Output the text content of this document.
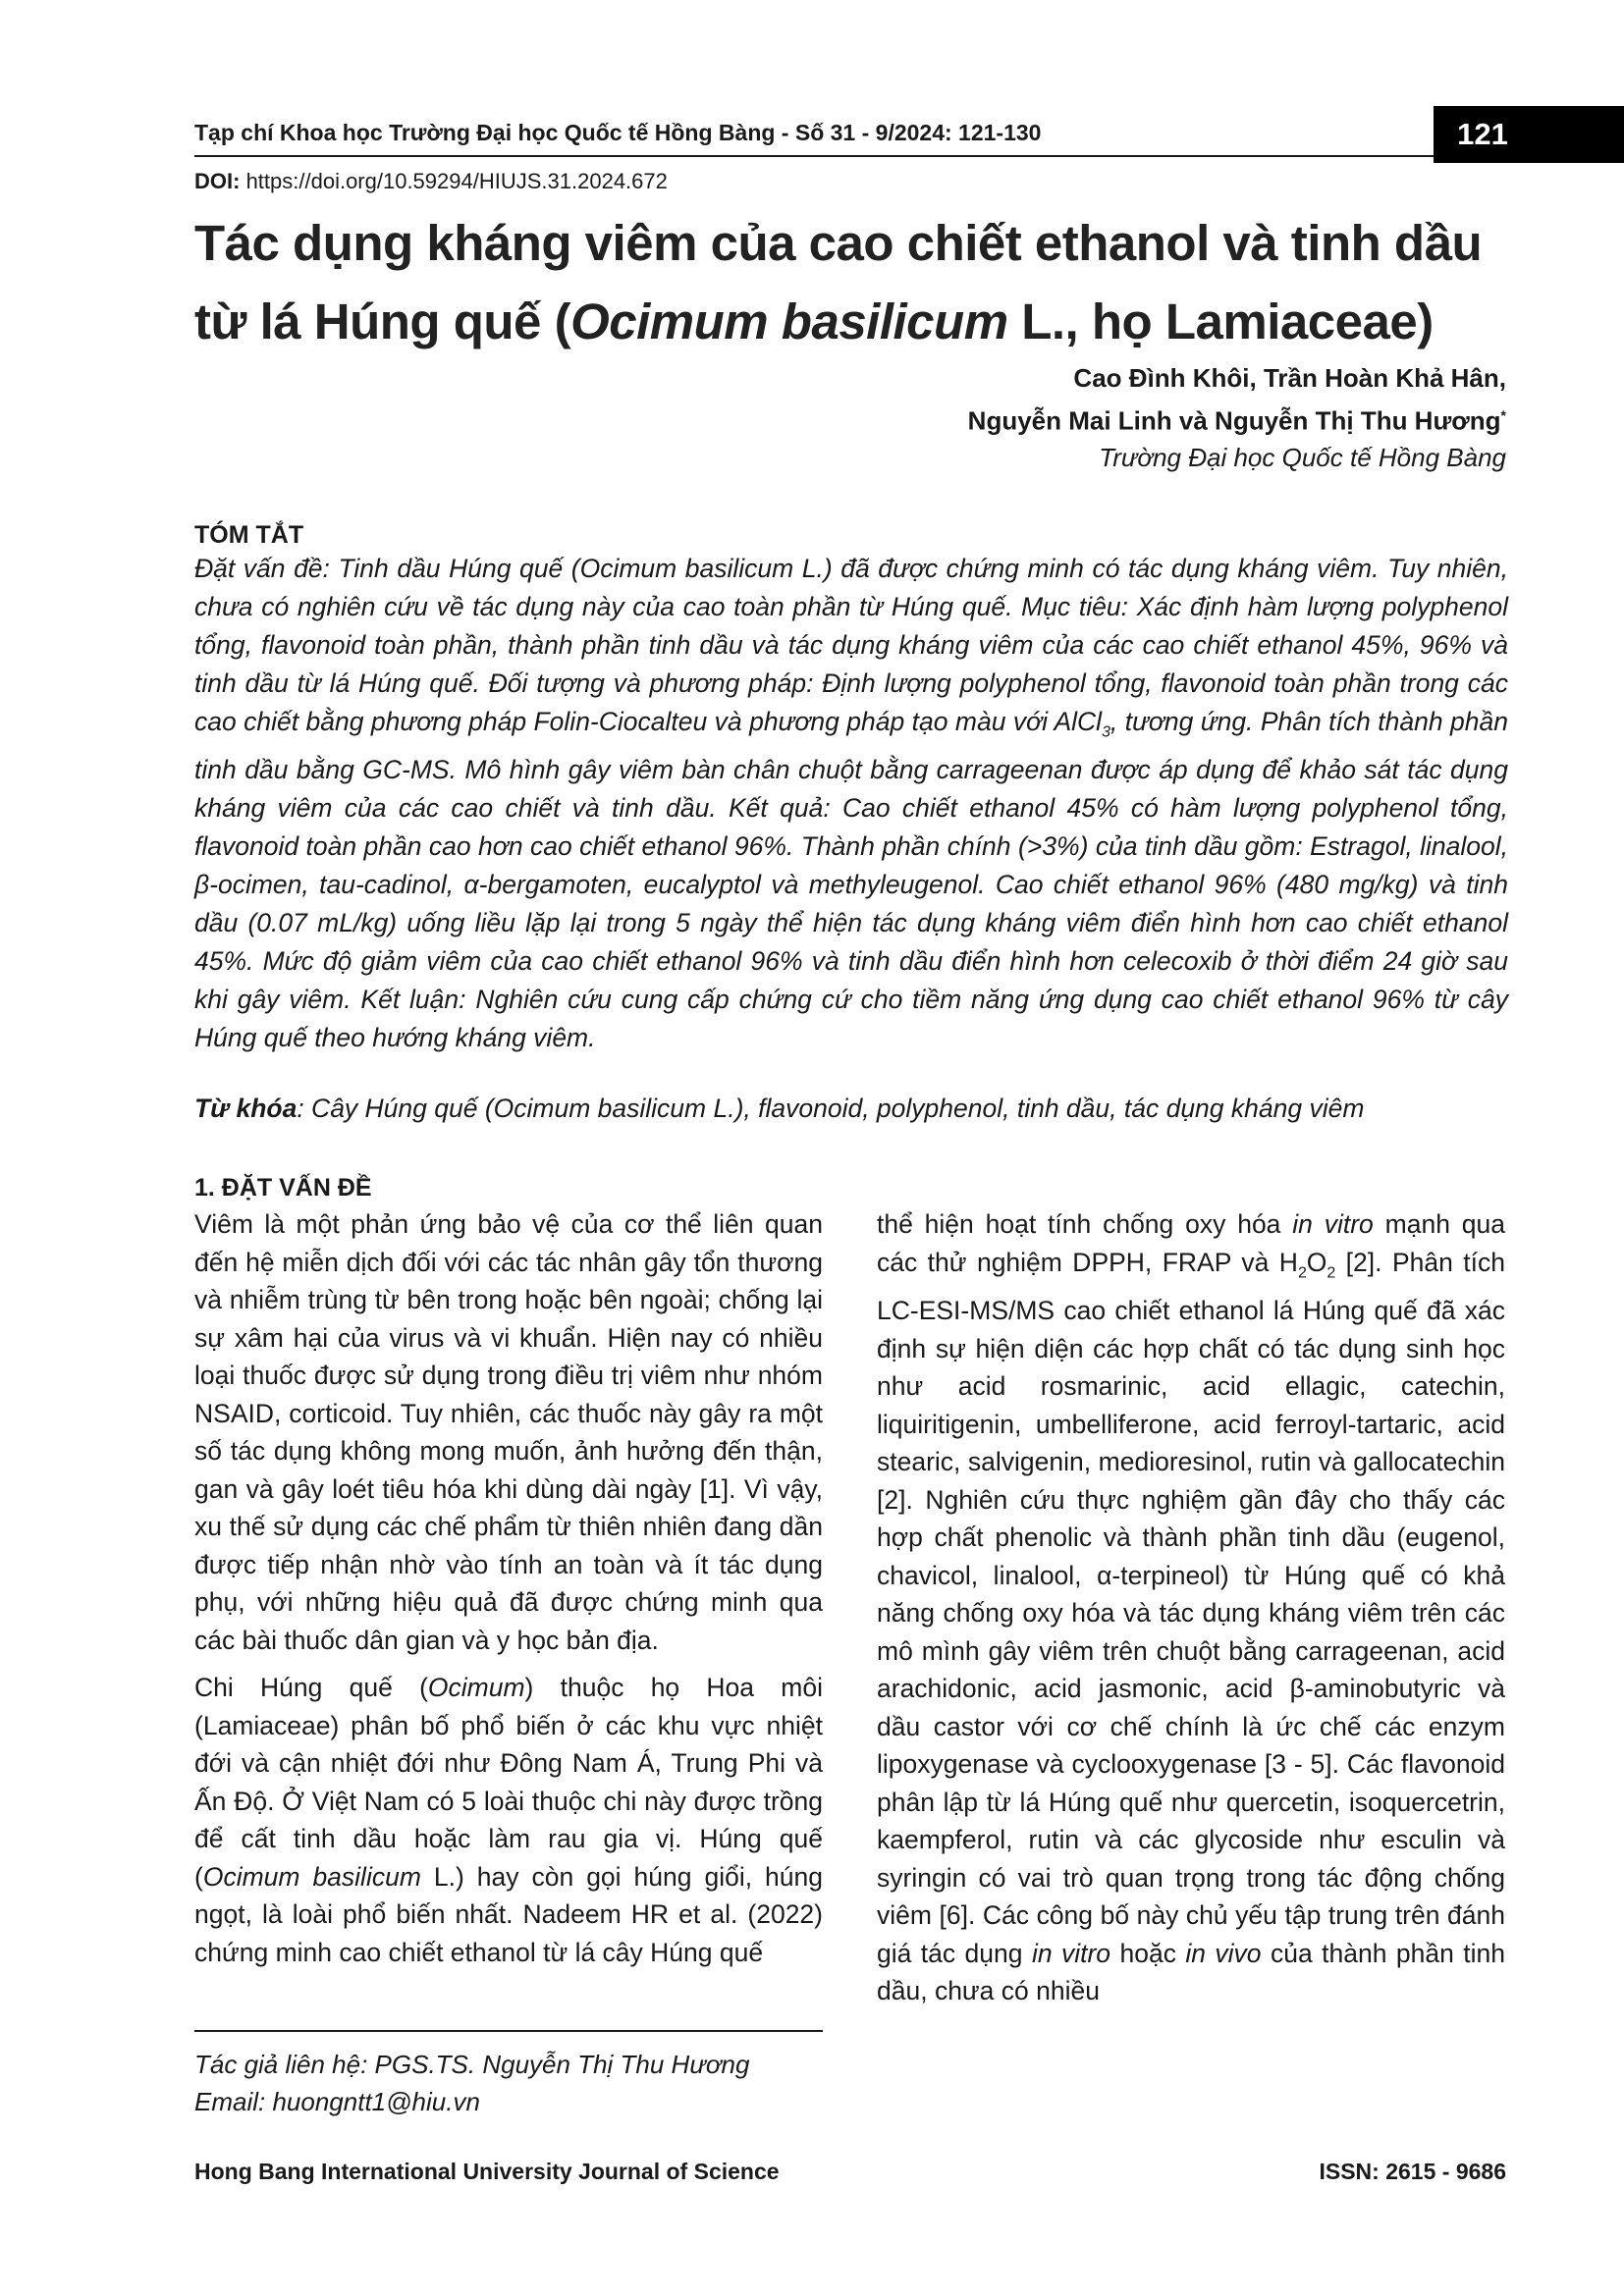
Tạp chí Khoa học Trường Đại học Quốc tế Hồng Bàng - Số 31 - 9/2024: 121-130	121
DOI: https://doi.org/10.59294/HIUJS.31.2024.672
Tác dụng kháng viêm của cao chiết ethanol và tinh dầu
từ lá Húng quế (Ocimum basilicum L., họ Lamiaceae)
Cao Đình Khôi, Trần Hoàn Khả Hân,
Nguyễn Mai Linh và Nguyễn Thị Thu Hương*
Trường Đại học Quốc tế Hồng Bàng
TÓM TẮT
Đặt vấn đề: Tinh dầu Húng quế (Ocimum basilicum L.) đã được chứng minh có tác dụng kháng viêm. Tuy nhiên, chưa có nghiên cứu về tác dụng này của cao toàn phần từ Húng quế. Mục tiêu: Xác định hàm lượng polyphenol tổng, flavonoid toàn phần, thành phần tinh dầu và tác dụng kháng viêm của các cao chiết ethanol 45%, 96% và tinh dầu từ lá Húng quế. Đối tượng và phương pháp: Định lượng polyphenol tổng, flavonoid toàn phần trong các cao chiết bằng phương pháp Folin-Ciocalteu và phương pháp tạo màu với AlCl$_3$, tương ứng. Phân tích thành phần tinh dầu bằng GC-MS. Mô hình gây viêm bàn chân chuột bằng carrageenan được áp dụng để khảo sát tác dụng kháng viêm của các cao chiết và tinh dầu. Kết quả: Cao chiết ethanol 45% có hàm lượng polyphenol tổng, flavonoid toàn phần cao hơn cao chiết ethanol 96%. Thành phần chính (>3%) của tinh dầu gồm: Estragol, linalool, β-ocimen, tau-cadinol, α-bergamoten, eucalyptol và methyleugenol. Cao chiết ethanol 96% (480 mg/kg) và tinh dầu (0.07 mL/kg) uống liều lặp lại trong 5 ngày thể hiện tác dụng kháng viêm điển hình hơn cao chiết ethanol 45%. Mức độ giảm viêm của cao chiết ethanol 96% và tinh dầu điển hình hơn celecoxib ở thời điểm 24 giờ sau khi gây viêm. Kết luận: Nghiên cứu cung cấp chứng cứ cho tiềm năng ứng dụng cao chiết ethanol 96% từ cây Húng quế theo hướng kháng viêm.
Từ khóa: Cây Húng quế (Ocimum basilicum L.), flavonoid, polyphenol, tinh dầu, tác dụng kháng viêm
1. ĐẶT VẤN ĐỀ

Viêm là một phản ứng bảo vệ của cơ thể liên quan đến hệ miễn dịch đối với các tác nhân gây tổn thương và nhiễm trùng từ bên trong hoặc bên ngoài; chống lại sự xâm hại của virus và vi khuẩn. Hiện nay có nhiều loại thuốc được sử dụng trong điều trị viêm như nhóm NSAID, corticoid. Tuy nhiên, các thuốc này gây ra một số tác dụng không mong muốn, ảnh hưởng đến thận, gan và gây loét tiêu hóa khi dùng dài ngày [1]. Vì vậy, xu thế sử dụng các chế phẩm từ thiên nhiên đang dần được tiếp nhận nhờ vào tính an toàn và ít tác dụng phụ, với những hiệu quả đã được chứng minh qua các bài thuốc dân gian và y học bản địa.

Chi Húng quế (Ocimum) thuộc họ Hoa môi (Lamiaceae) phân bố phổ biến ở các khu vực nhiệt đới và cận nhiệt đới như Đông Nam Á, Trung Phi và Ấn Độ. Ở Việt Nam có 5 loài thuộc chi này được trồng để cất tinh dầu hoặc làm rau gia vị. Húng quế (Ocimum basilicum L.) hay còn gọi húng giổi, húng ngọt, là loài phổ biến nhất. Nadeem HR et al. (2022) chứng minh cao chiết ethanol từ lá cây Húng quế

thể hiện hoạt tính chống oxy hóa in vitro mạnh qua các thử nghiệm DPPH, FRAP và $H_2O_2$ [2]. Phân tích LC-ESI-MS/MS cao chiết ethanol lá Húng quế đã xác định sự hiện diện các hợp chất có tác dụng sinh học như acid rosmarinic, acid ellagic, catechin, liquiritigenin, umbelliferone, acid ferroyl-tartaric, acid stearic, salvigenin, medioresinol, rutin và gallocatechin [2]. Nghiên cứu thực nghiệm gần đây cho thấy các hợp chất phenolic và thành phần tinh dầu (eugenol, chavicol, linalool, α-terpineol) từ Húng quế có khả năng chống oxy hóa và tác dụng kháng viêm trên các mô mình gây viêm trên chuột bằng carrageenan, acid arachidonic, acid jasmonic, acid β-aminobutyric và dầu castor với cơ chế chính là ức chế các enzym lipoxygenase và cyclooxygenase [3 - 5]. Các flavonoid phân lập từ lá Húng quế như quercetin, isoquercetrin, kaempferol, rutin và các glycoside như esculin và syringin có vai trò quan trọng trong tác động chống viêm [6]. Các công bố này chủ yếu tập trung trên đánh giá tác dụng in vitro hoặc in vivo của thành phần tinh dầu, chưa có nhiều

Tác giả liên hệ: PGS.TS. Nguyễn Thị Thu Hương
Email: huongntt1@hiu.vn
Hong Bang International University Journal of Science	ISSN: 2615 - 9686
